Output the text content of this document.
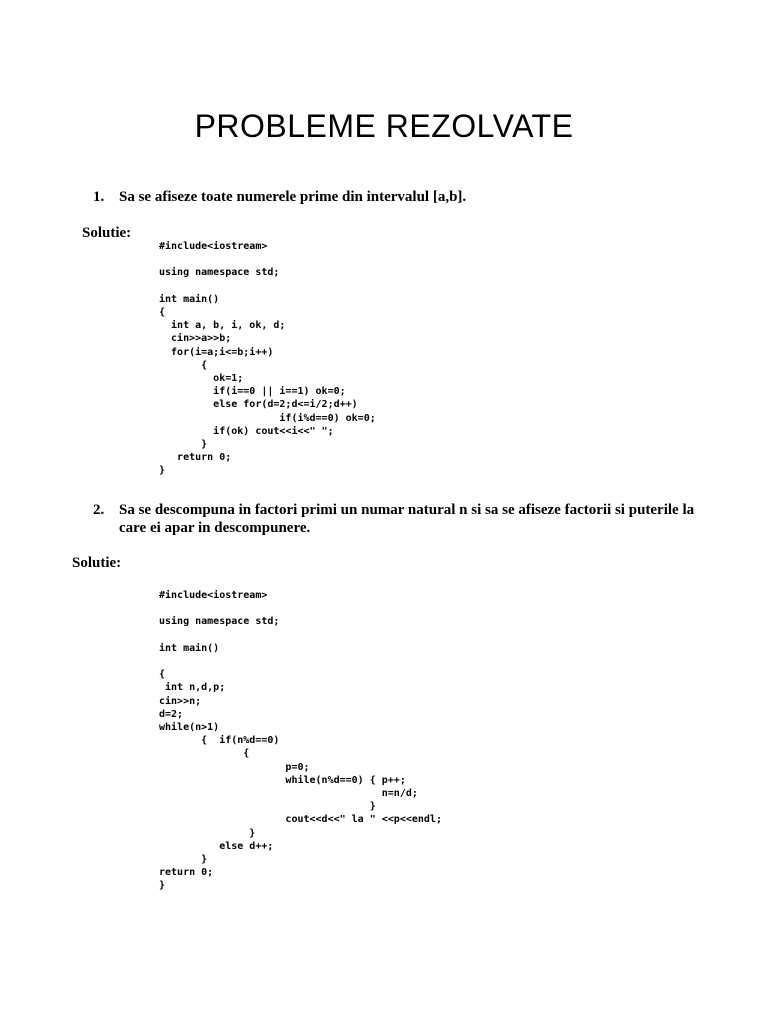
PROBLEME REZOLVATE
1. Sa se afiseze toate numerele prime din intervalul [a,b].
Solutie:
#include<iostream>

using namespace std;

int main()
{
int a, b, i, ok, d;
cin>>a>>b;
for(i=a;i<=b;i++)
{
ok=1;
if(i==0 || i==1) ok=0;
else for(d=2;d<=i/2;d++)
if(i%d==0) ok=0;
if(ok) cout<<i<<" ";
}
return 0;
}
2. Sa se descompuna in factori primi un numar natural n si sa se afiseze factorii si puterile la care ei apar in descompunere.
Solutie:
#include<iostream>

using namespace std;

int main()

{
int n,d,p;
cin>>n;
d=2;
while(n>1)
{  if(n%d==0)
{
p=0;
while(n%d==0) { p++;
n=n/d;
}
cout<<d<<" la " <<p<<endl;
}
else d++;
}
return 0;
}
